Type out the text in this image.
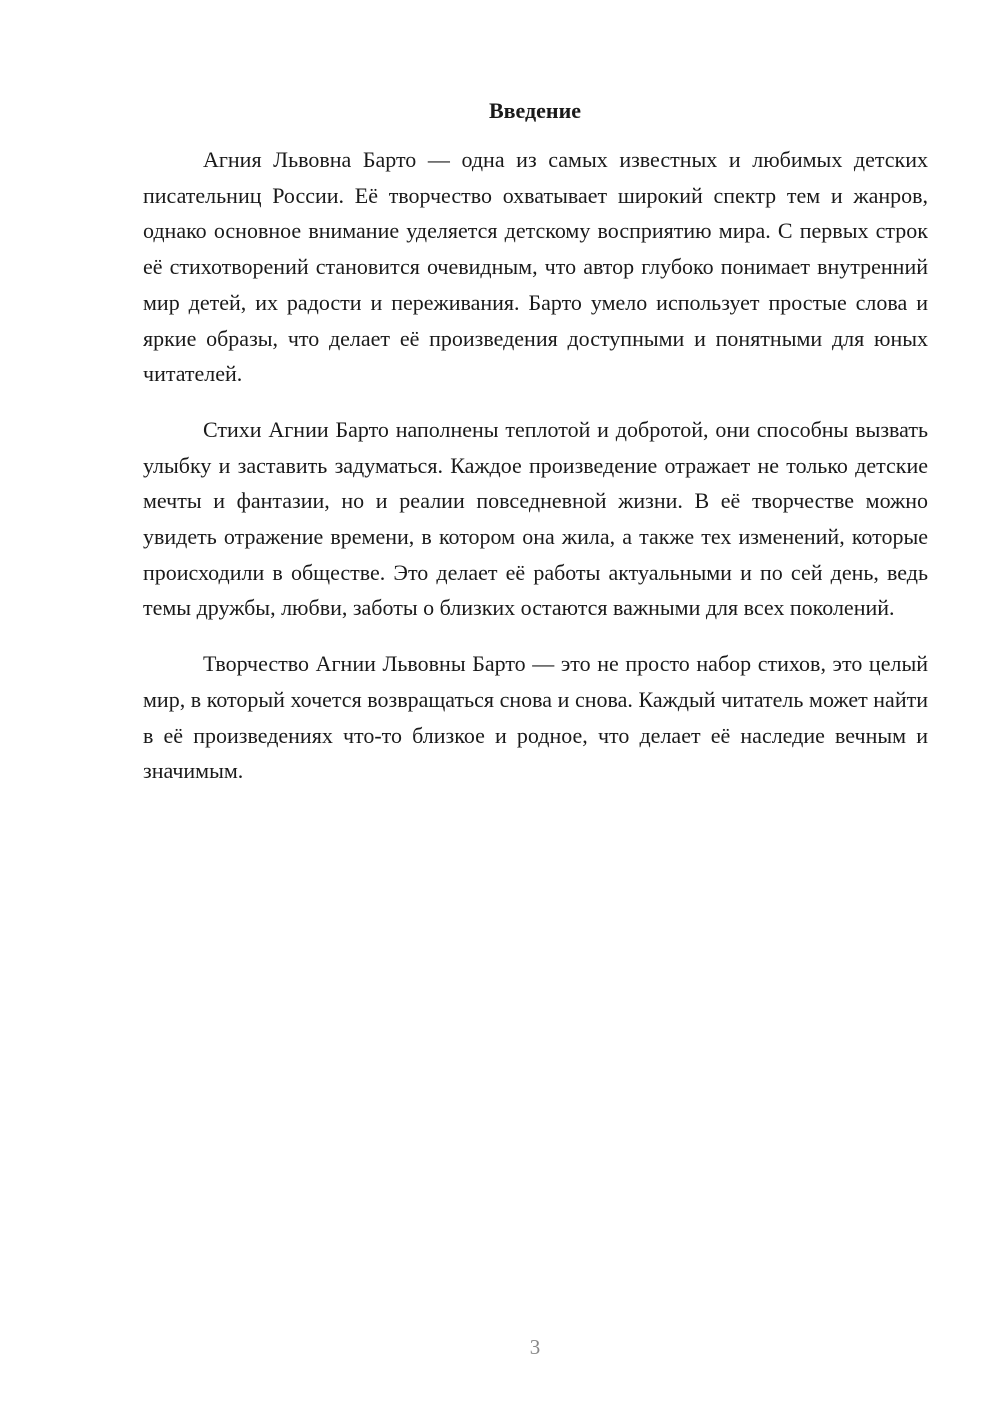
Введение

Агния Львовна Барто — одна из самых известных и любимых детских писательниц России. Её творчество охватывает широкий спектр тем и жанров, однако основное внимание уделяется детскому восприятию мира. С первых строк её стихотворений становится очевидным, что автор глубоко понимает внутренний мир детей, их радости и переживания. Барто умело использует простые слова и яркие образы, что делает её произведения доступными и понятными для юных читателей.

Стихи Агнии Барто наполнены теплотой и добротой, они способны вызвать улыбку и заставить задуматься. Каждое произведение отражает не только детские мечты и фантазии, но и реалии повседневной жизни. В её творчестве можно увидеть отражение времени, в котором она жила, а также тех изменений, которые происходили в обществе. Это делает её работы актуальными и по сей день, ведь темы дружбы, любви, заботы о близких остаются важными для всех поколений.

Творчество Агнии Львовны Барто — это не просто набор стихов, это целый мир, в который хочется возвращаться снова и снова. Каждый читатель может найти в её произведениях что-то близкое и родное, что делает её наследие вечным и значимым.

3
